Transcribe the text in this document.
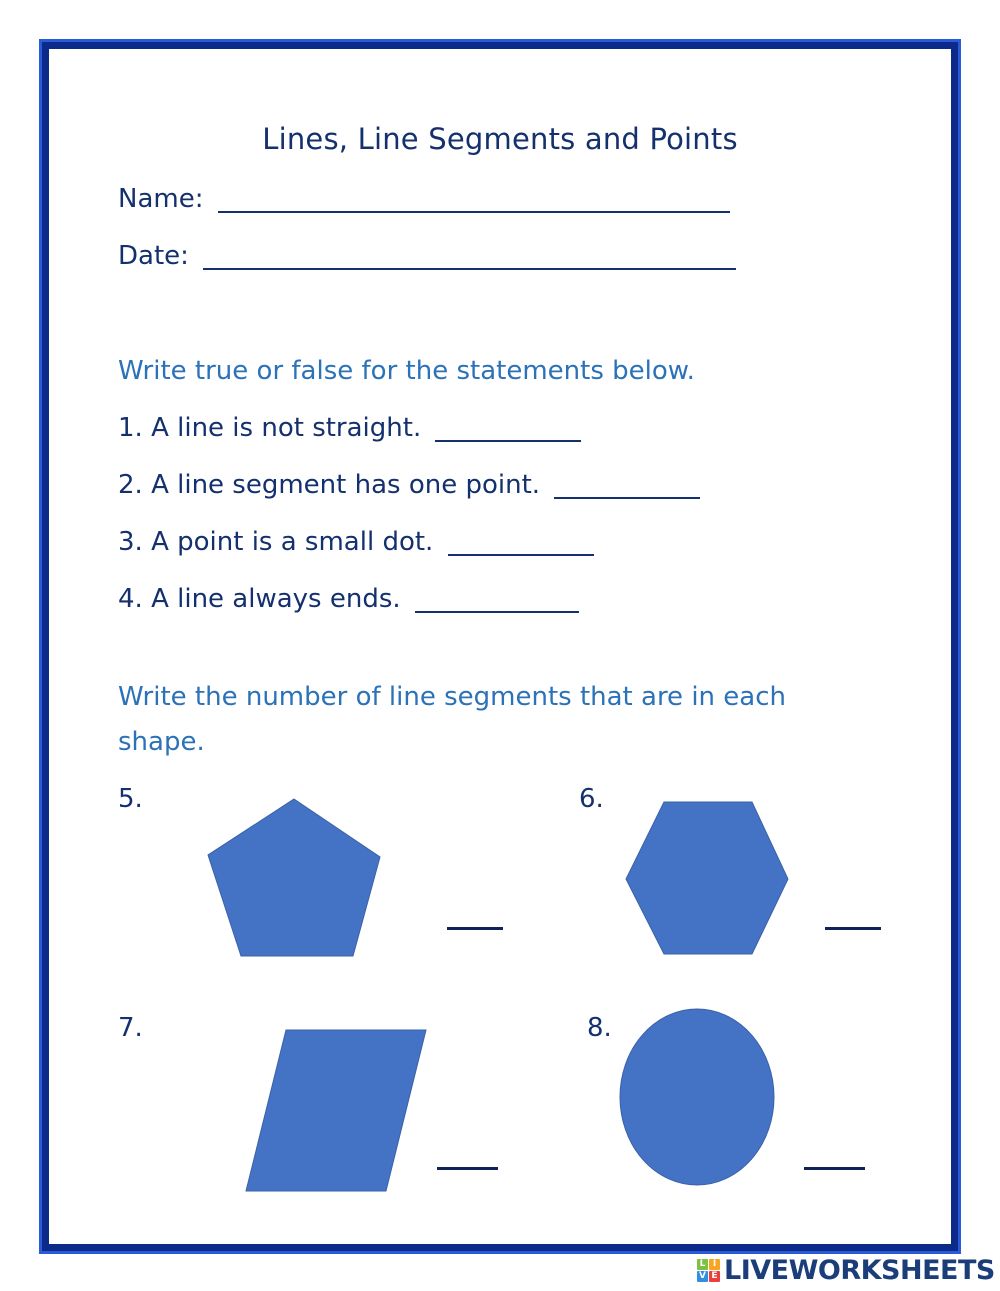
Lines, Line Segments and Points
Name:
Date:
Write true or false for the statements below.
1. A line is not straight.
2. A line segment has one point.
3. A point is a small dot.
4. A line always ends.
Write the number of line segments that are in each
shape.
5.	6.
7.	8.
L I
V E LIVEWORKSHEETS
